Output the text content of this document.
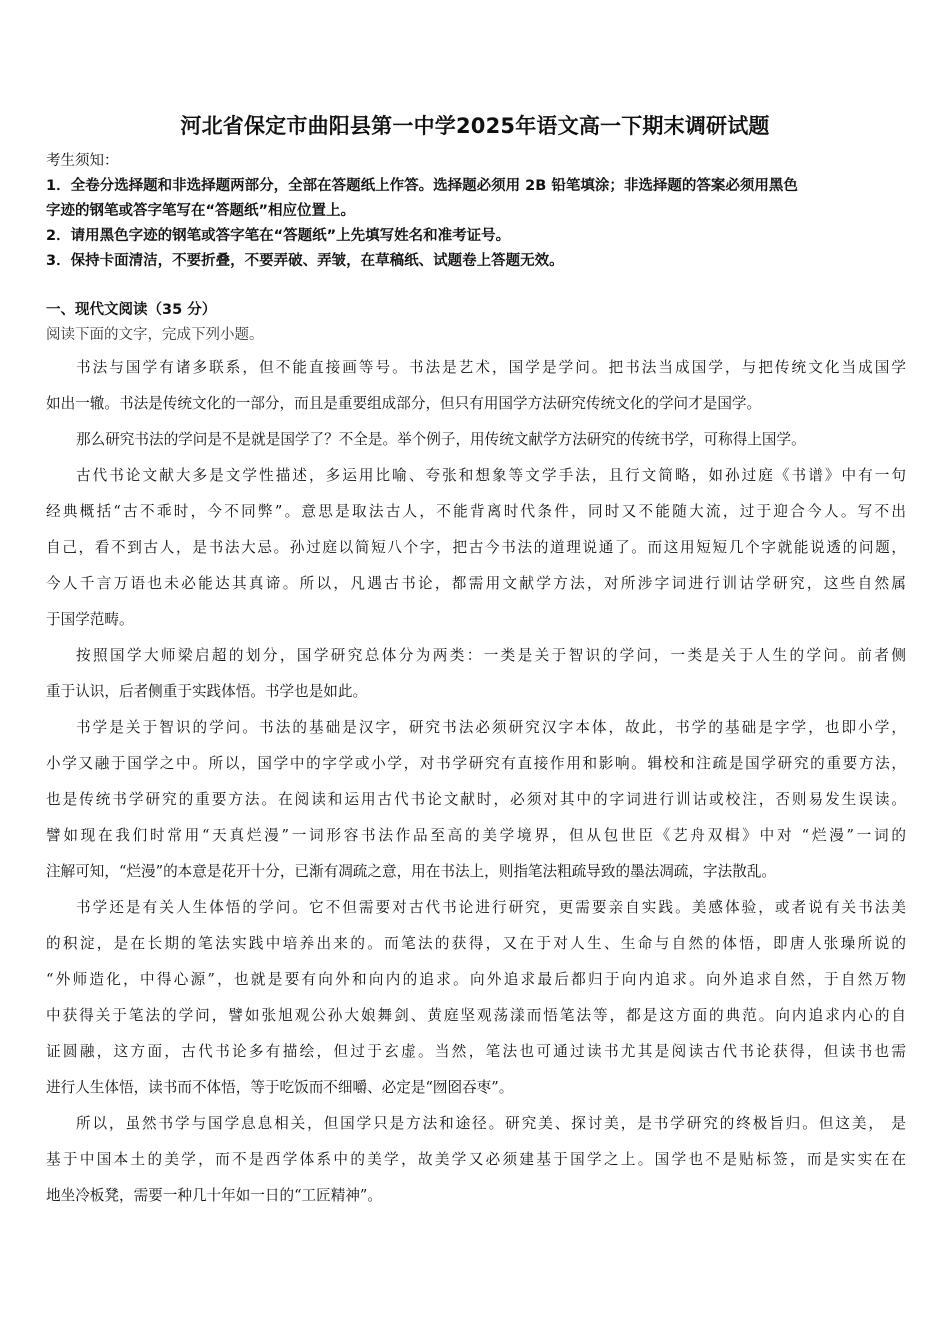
河北省保定市曲阳县第一中学2025年语文高一下期末调研试题
考生须知：
1．全卷分选择题和非选择题两部分，全部在答题纸上作答。选择题必须用 2B 铅笔填涂；非选择题的答案必须用黑色
字迹的钢笔或答字笔写在“答题纸”相应位置上。
2．请用黑色字迹的钢笔或答字笔在“答题纸”上先填写姓名和准考证号。
3．保持卡面清洁，不要折叠，不要弄破、弄皱，在草稿纸、试题卷上答题无效。
一、现代文阅读（35 分）
阅读下面的文字，完成下列小题。
书法与国学有诸多联系，但不能直接画等号。书法是艺术，国学是学问。把书法当成国学，与把传统文化当成国学
如出一辙。书法是传统文化的一部分，而且是重要组成部分，但只有用国学方法研究传统文化的学问才是国学。
那么研究书法的学问是不是就是国学了？不全是。举个例子，用传统文献学方法研究的传统书学，可称得上国学。
古代书论文献大多是文学性描述，多运用比喻、夸张和想象等文学手法，且行文简略，如孙过庭《书谱》中有一句
经典概括“古不乖时，今不同弊”。意思是取法古人，不能背离时代条件，同时又不能随大流，过于迎合今人。写不出
自己，看不到古人，是书法大忌。孙过庭以简短八个字，把古今书法的道理说通了。而这用短短几个字就能说透的问题，
今人千言万语也未必能达其真谛。所以，凡遇古书论，都需用文献学方法，对所涉字词进行训诂学研究，这些自然属
于国学范畴。
按照国学大师梁启超的划分，国学研究总体分为两类：一类是关于智识的学问，一类是关于人生的学问。前者侧
重于认识，后者侧重于实践体悟。书学也是如此。
书学是关于智识的学问。书法的基础是汉字，研究书法必须研究汉字本体，故此，书学的基础是字学，也即小学，
小学又融于国学之中。所以，国学中的字学或小学，对书学研究有直接作用和影响。辑校和注疏是国学研究的重要方法，
也是传统书学研究的重要方法。在阅读和运用古代书论文献时，必须对其中的字词进行训诂或校注，否则易发生误读。
譬如现在我们时常用“天真烂漫”一词形容书法作品至高的美学境界，但从包世臣《艺舟双楫》中对 “烂漫”一词的
注解可知，“烂漫”的本意是花开十分，已渐有凋疏之意，用在书法上，则指笔法粗疏导致的墨法凋疏，字法散乱。
书学还是有关人生体悟的学问。它不但需要对古代书论进行研究，更需要亲自实践。美感体验，或者说有关书法美
的积淀，是在长期的笔法实践中培养出来的。而笔法的获得，又在于对人生、生命与自然的体悟，即唐人张璪所说的
“外师造化，中得心源”，也就是要有向外和向内的追求。向外追求最后都归于向内追求。向外追求自然，于自然万物
中获得关于笔法的学问，譬如张旭观公孙大娘舞剑、黄庭坚观荡漾而悟笔法等，都是这方面的典范。向内追求内心的自
证圆融，这方面，古代书论多有描绘，但过于玄虚。当然，笔法也可通过读书尤其是阅读古代书论获得，但读书也需
进行人生体悟，读书而不体悟，等于吃饭而不细嚼、必定是“囫囵吞枣”。
所以，虽然书学与国学息息相关，但国学只是方法和途径。研究美、探讨美，是书学研究的终极旨归。但这美， 是
基于中国本土的美学，而不是西学体系中的美学，故美学又必须建基于国学之上。国学也不是贴标签，而是实实在在
地坐冷板凳，需要一种几十年如一日的“工匠精神”。
